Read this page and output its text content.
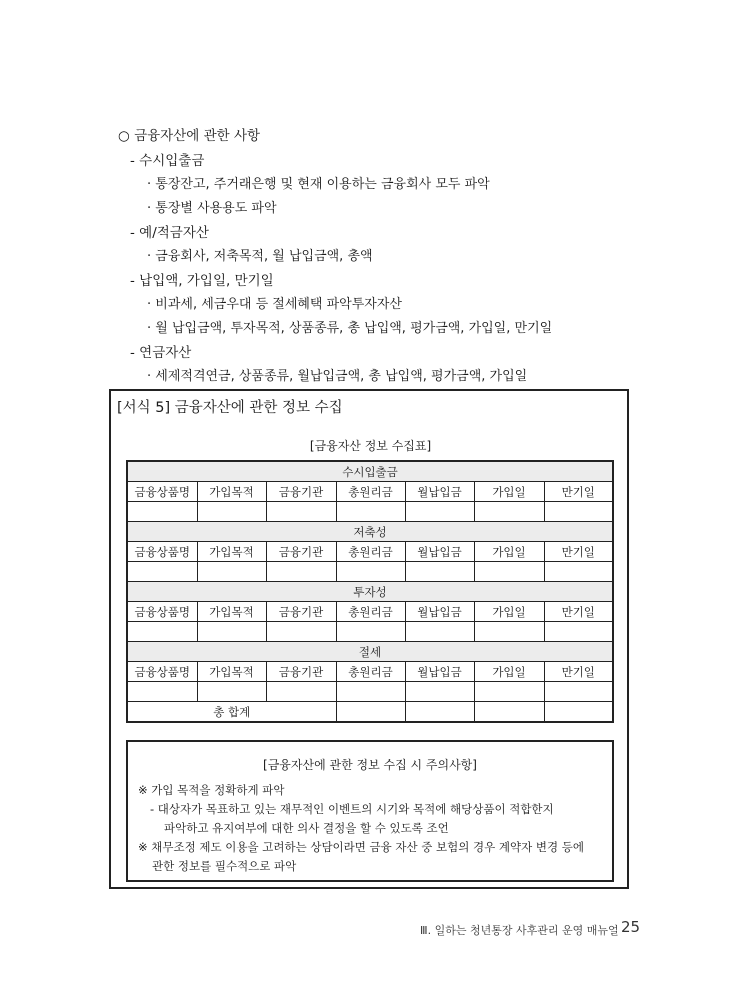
○ 금융자산에 관한 사항
- 수시입출금
· 통장잔고, 주거래은행 및 현재 이용하는 금융회사 모두 파악
· 통장별 사용용도 파악
- 예/적금자산
· 금융회사, 저축목적, 월 납입금액, 총액
- 납입액, 가입일, 만기일
· 비과세, 세금우대 등 절세혜택 파악투자자산
· 월 납입금액, 투자목적, 상품종류, 총 납입액, 평가금액, 가입일, 만기일
- 연금자산
· 세제적격연금, 상품종류, 월납입금액, 총 납입액, 평가금액, 가입일
[서식 5] 금융자산에 관한 정보 수집
[금융자산 정보 수집표]
수시입출금						
금융상품명	가입목적	금융기관	총원리금	월납입금	가입일	만기일

저축성						
금융상품명	가입목적	금융기관	총원리금	월납입금	가입일	만기일

투자성						
금융상품명	가입목적	금융기관	총원리금	월납입금	가입일	만기일

절세						
금융상품명	가입목적	금융기관	총원리금	월납입금	가입일	만기일

총 합계						
[금융자산에 관한 정보 수집 시 주의사항]
※ 가입 목적을 정확하게 파악
- 대상자가 목표하고 있는 재무적인 이벤트의 시기와 목적에 해당상품이 적합한지
파악하고 유지여부에 대한 의사 결정을 할 수 있도록 조언
※ 채무조정 제도 이용을 고려하는 상담이라면 금융 자산 중 보험의 경우 계약자 변경 등에
관한 정보를 필수적으로 파악
Ⅲ. 일하는 청년통장 사후관리 운영 매뉴얼 25
